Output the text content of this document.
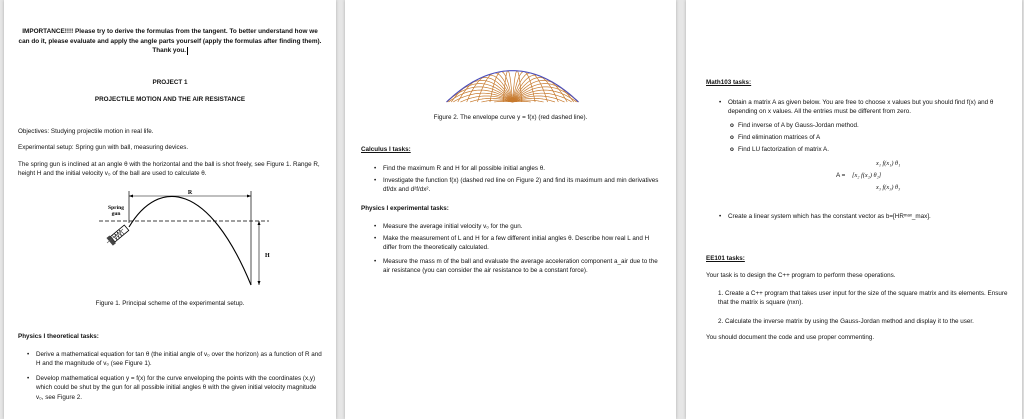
IMPORTANCE!!!! Please try to derive the formulas from the tangent. To better understand how we can do it, please evaluate and apply the angle parts yourself (apply the formulas after finding them). Thank you.
PROJECT 1
PROJECTILE MOTION AND THE AIR RESISTANCE
Objectives: Studying projectile motion in real life.
Experimental setup: Spring gun with ball, measuring devices.
The spring gun is inclined at an angle θ with the horizontal and the ball is shot freely, see Figure 1. Range R, height H and the initial velocity v₀ of the ball are used to calculate θ.
R
H
Spring
gun
Figure 1. Principal scheme of the experimental setup.
Physics I theoretical tasks:
• Derive a mathematical equation for tan θ (the initial angle of v₀ over the horizon) as a function of R and H and the magnitude of v₀ (see Figure 1).
• Develop mathematical equation y = f(x) for the curve enveloping the points with the coordinates (x,y) which could be shut by the gun for all possible initial angles θ with the given initial velocity magnitude v₀, see Figure 2.
Figure 2. The envelope curve y = f(x) (red dashed line).
Calculus I tasks:
• Find the maximum R and H for all possible initial angles θ.
• Investigate the function f(x) (dashed red line on Figure 2) and find its maximum and min derivatives df/dx and d²f/dx².
Physics I experimental tasks:
• Measure the average initial velocity v₀ for the gun.
• Make the measurement of L and H for a few different initial angles θ. Describe how real L and H differ from the theoretically calculated.
• Measure the mass m of the ball and evaluate the average acceleration component a_air due to the air resistance (you can consider the air resistance to be a constant force).
Math103 tasks:
• Obtain a matrix A as given below. You are free to choose x values but you should find f(x) and θ depending on x values. All the entries must be different from zero.
o Find inverse of A by Gauss-Jordan method.
o Find elimination matrices of A
o Find LU factorization of matrix A.
A =
x₁ f(x₁) θ₁
[x₂ f(x₂) θ₂]
x₃ f(x₃) θ₃
• Create a linear system which has the constant vector as b=[HRᵐᵃˣ_max].
EE101 tasks:
Your task is to design the C++ program to perform these operations.
1. Create a C++ program that takes user input for the size of the square matrix and its elements. Ensure that the matrix is square (nxn).
2. Calculate the inverse matrix by using the Gauss-Jordan method and display it to the user.
You should document the code and use proper commenting.
